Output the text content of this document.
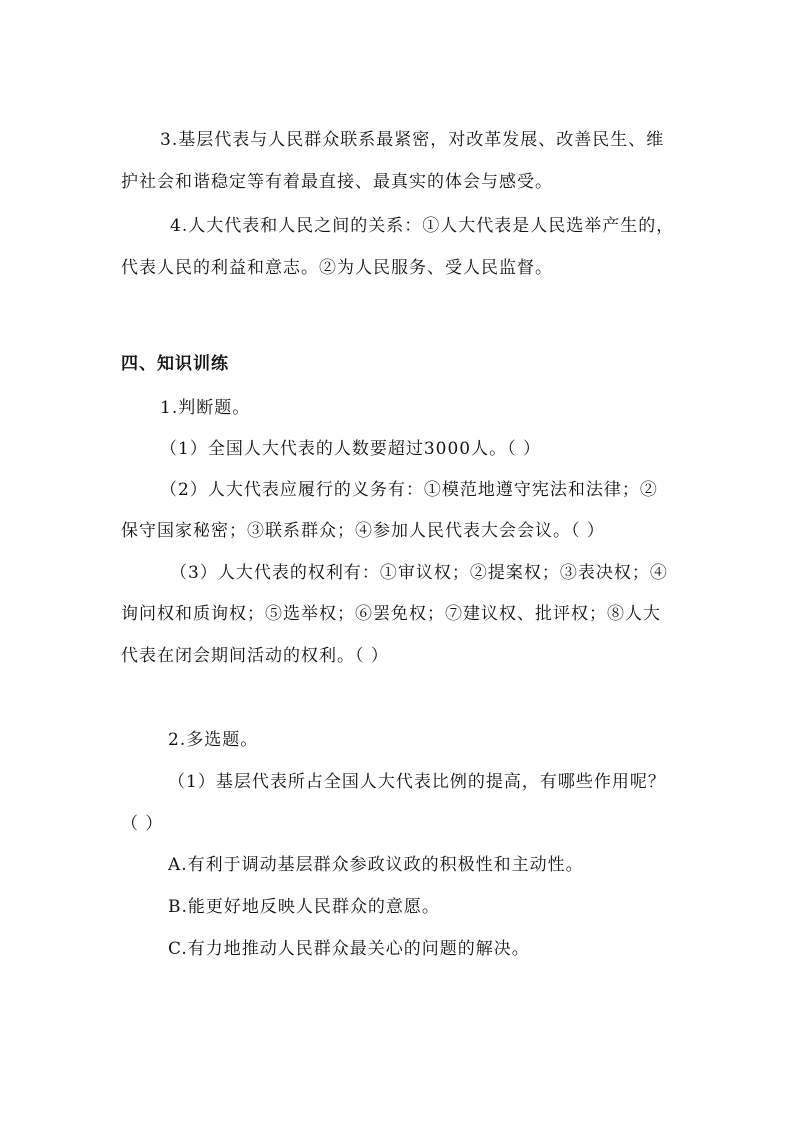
3.基层代表与人民群众联系最紧密，对改革发展、改善民生、维
护社会和谐稳定等有着最直接、最真实的体会与感受。
4.人大代表和人民之间的关系：①人大代表是人民选举产生的，
代表人民的利益和意志。②为人民服务、受人民监督。
四、知识训练
1.判断题。
（1）全国人大代表的人数要超过3000人。（ ）
（2）人大代表应履行的义务有：①模范地遵守宪法和法律；②
保守国家秘密；③联系群众；④参加人民代表大会会议。（ ）
（3）人大代表的权利有：①审议权；②提案权；③表决权；④
询问权和质询权；⑤选举权；⑥罢免权；⑦建议权、批评权；⑧人大
代表在闭会期间活动的权利。（ ）
2.多选题。
（1）基层代表所占全国人大代表比例的提高，有哪些作用呢？
（ ）
A.有利于调动基层群众参政议政的积极性和主动性。
B.能更好地反映人民群众的意愿。
C.有力地推动人民群众最关心的问题的解决。
